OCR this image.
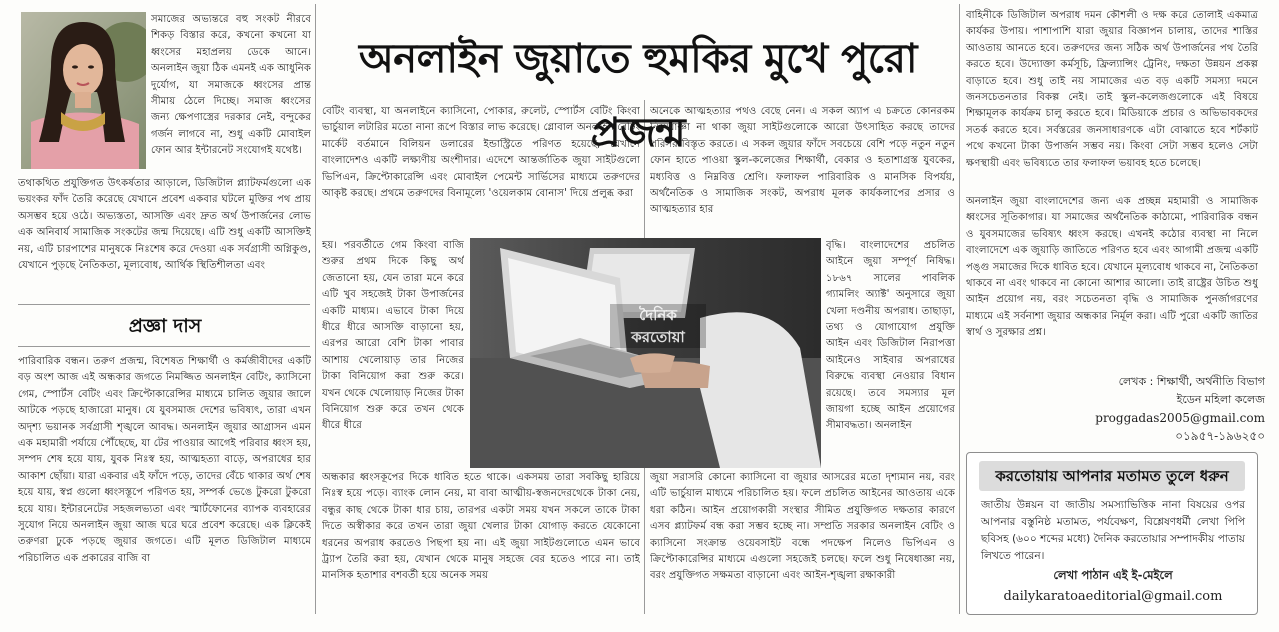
সমাজের অভ্যন্তরে বহু সংকট নীরবে শিকড় বিস্তার করে, কখনো কখনো যা ধ্বংসের মহাপ্রলয় ডেকে আনে। অনলাইন জুয়া ঠিক এমনই এক আধুনিক দুর্যোগ, যা সমাজকে ধ্বংসের প্রান্ত সীমায় ঠেলে দিচ্ছে। সমাজ ধ্বংসের জন্য ক্ষেপণাস্ত্রের দরকার নেই, বন্দুকের গর্জন লাগবে না, শুধু একটি মোবাইল ফোন আর ইন্টারনেট সংযোগই যথেষ্ট।
তথাকথিত প্রযুক্তিগত উৎকর্ষতার আড়ালে, ডিজিটাল প্ল্যাটফর্মগুলো এক ভয়ংকর ফাঁদ তৈরি করেছে যেখানে প্রবেশ একবার ঘটলে মুক্তির পথ প্রায় অসম্ভব হয়ে ওঠে। অভ্যস্ততা, আসক্তি এবং দ্রুত অর্থ উপার্জনের লোভ এক অনিবার্য সামাজিক সংকটের জন্ম দিয়েছে। এটি শুধু একটি আসক্তিই নয়, এটি চারপাশের মানুষকে নিঃশেষ করে দেওয়া এক সর্বগ্রাসী অগ্নিকুণ্ড, যেখানে পুড়ছে নৈতিকতা, মূল্যবোধ, আর্থিক স্থিতিশীলতা এবং
প্রজ্ঞা দাস
পারিবারিক বন্ধন। তরুণ প্রজন্ম, বিশেষত শিক্ষার্থী ও কর্মজীবীদের একটি বড় অংশ আজ এই অন্ধকার জগতে নিমজ্জিত অনলাইন বেটিং, ক্যাসিনো গেম, স্পোর্টস বেটিং এবং ক্রিপ্টোকারেন্সির মাধ্যমে চালিত জুয়ার জালে আটকে পড়ছে হাজারো মানুষ। যে যুবসমাজ দেশের ভবিষ্যৎ, তারা এখন অদৃশ্য ভয়ানক সর্বগ্রাসী শৃঙ্খলে আবদ্ধ। অনলাইন জুয়ার আগ্রাসন এমন এক মহামারী পর্যায়ে পৌঁছেছে, যা টের পাওয়ার আগেই পরিবার ধ্বংস হয়, সম্পদ শেষ হয়ে যায়, যুবক নিঃস্ব হয়, আত্মহত্যা বাড়ে, অপরাধের হার আকাশ ছোঁয়া। যারা একবার এই ফাঁদে পড়ে, তাদের বেঁচে থাকার অর্থ শেষ হয়ে যায়, স্বপ্ন গুলো ধ্বংসস্তূপে পরিণত হয়, সম্পর্ক ভেঙে টুকরো টুকরো হয়ে যায়। ইন্টারনেটের সহজলভ্যতা এবং স্মার্টফোনের ব্যাপক ব্যবহারের সুযোগ নিয়ে অনলাইন জুয়া আজ ঘরে ঘরে প্রবেশ করেছে। এক ক্লিকেই তরুণরা ঢুকে পড়ছে জুয়ার জগতে। এটি মূলত ডিজিটাল মাধ্যমে পরিচালিত এক প্রকারের বাজি বা
অনলাইন জুয়াতে হুমকির মুখে পুরো প্রজন্ম
বেটিং ব্যবস্থা, যা অনলাইনে ক্যাসিনো, পোকার, রুলেট, স্পোর্টস বেটিং কিংবা ভার্চুয়াল লটারির মতো নানা রূপে বিস্তার লাভ করেছে। গ্লোবাল অনলাইন বেটিং মার্কেট বর্তমানে বিলিয়ন ডলারের ইন্ডাস্ট্রিতে পরিণত হয়েছে, যেখানে বাংলাদেশও একটি লক্ষ্যণীয় অংশীদার। এদেশে আন্তর্জাতিক জুয়া সাইটগুলো ভিপিএন, ক্রিপ্টোকারেন্সি এবং মোবাইল পেমেন্ট সার্ভিসের মাধ্যমে তরুণদের আকৃষ্ট করছে। প্রথমে তরুণদের বিনামূল্যে 'ওয়েলকাম বোনাস' দিয়ে প্রলুব্ধ করা
হয়। পরবর্তীতে গেম কিংবা বাজি শুরুর প্রথম দিকে কিছু অর্থ জেতানো হয়, যেন তারা মনে করে এটি খুব সহজেই টাকা উপার্জনের একটি মাধ্যম। এভাবে টাকা দিয়ে ধীরে ধীরে আসক্তি বাড়ানো হয়, এরপর আরো বেশি টাকা পাবার আশায় খেলোয়াড় তার নিজের টাকা বিনিয়োগ করা শুরু করে। যখন থেকে খেলোয়াড় নিজের টাকা বিনিয়োগ শুরু করে তখন থেকে ধীরে ধীরে
অন্ধকার ধ্বংসকূপের দিকে ধাবিত হতে থাকে। একসময় তারা সবকিছু হারিয়ে নিঃস্ব হয়ে পড়ে। ব্যাংক লোন নেয়, মা বাবা আত্মীয়-স্বজনদেরথেকে টাকা নেয়, বন্ধুর কাছ থেকে টাকা ধার চায়, তারপর একটা সময় যখন সকলে তাকে টাকা দিতে অস্বীকার করে তখন তারা জুয়া খেলার টাকা যোগাড় করতে যেকোনো ধরনের অপরাধ করতেও পিছপা হয় না। এই জুয়া সাইটগুলোতে এমন ভাবে ট্র্যাপ তৈরি করা হয়, যেখান থেকে মানুষ সহজে বের হতেও পারে না। তাই মানসিক হতাশার বশবর্তী হয়ে অনেক সময়
অনেকে আত্মহত্যার পথও বেছে নেন। এ সকল অ্যাপ এ চক্রতে কোনরকম নিষেধাজ্ঞা না থাকা জুয়া সাইটগুলোকে আরো উৎসাহিত করছে তাদের পরিসর বিস্তৃত করতে। এ সকল জুয়ার ফাঁদে সবচেয়ে বেশি পড়ে নতুন নতুন ফোন হাতে পাওয়া স্কুল-কলেজের শিক্ষার্থী, বেকার ও হতাশাগ্রস্ত যুবকের, মধ্যবিত্ত ও নিম্নবিত্ত শ্রেণি। ফলাফল পারিবারিক ও মানসিক বিপর্যয়, অর্থনৈতিক ও সামাজিক সংকট, অপরাধ মূলক কার্যকলাপের প্রসার ও আত্মহত্যার হার
বৃদ্ধি। বাংলাদেশের প্রচলিত আইনে জুয়া সম্পূর্ণ নিষিদ্ধ। ১৮৬৭ সালের পাবলিক গ্যামলিং অ্যাক্ট' অনুসারে জুয়া খেলা দণ্ডনীয় অপরাধ। তাছাড়া, তথ্য ও যোগাযোগ প্রযুক্তি আইন এবং ডিজিটাল নিরাপত্তা আইনেও সাইবার অপরাধের বিরুদ্ধে ব্যবস্থা নেওয়ার বিধান রয়েছে। তবে সমস্যার মূল জায়গা হচ্ছে আইন প্রয়োগের সীমাবদ্ধতা। অনলাইন
জুয়া সরাসরি কোনো ক্যাসিনো বা জুয়ার আসরের মতো দৃশ্যমান নয়, বরং এটি ভার্চুয়াল মাধ্যমে পরিচালিত হয়। ফলে প্রচলিত আইনের আওতায় একে ধরা কঠিন। আইন প্রয়োগকারী সংস্থার সীমিত প্রযুক্তিগত দক্ষতার কারণে এসব প্ল্যাটফর্ম বন্ধ করা সম্ভব হচ্ছে না। সম্প্রতি সরকার অনলাইন বেটিং ও ক্যাসিনো সংক্রান্ত ওয়েবসাইট বন্ধে পদক্ষেপ নিলেও ভিপিএন ও ক্রিপ্টোকারেন্সির মাধ্যমে এগুলো সহজেই চলছে। ফলে শুধু নিষেধাজ্ঞা নয়, বরং প্রযুক্তিগত সক্ষমতা বাড়ানো এবং আইন-শৃঙ্খলা রক্ষাকারী
দৈনিক করতোয়া
বাহিনীকে ডিজিটাল অপরাধ দমন কৌশলী ও দক্ষ করে তোলাই একমাত্র কার্যকর উপায়। পাশাপাশি যারা জুয়ার বিজ্ঞাপন চালায়, তাদের শাস্তির আওতায় আনতে হবে। তরুণদের জন্য সঠিক অর্থ উপার্জনের পথ তৈরি করতে হবে। উদ্যোক্তা কর্মসূচি, ফ্রিল্যান্সিং ট্রেনিং, দক্ষতা উন্নয়ন প্রকল্প বাড়াতে হবে। শুধু তাই নয় সামাজের এত বড় একটি সমস্যা দমনে জনসচেতনতার বিকল্প নেই। তাই স্কুল-কলেজগুলোকে এই বিষয়ে শিক্ষামূলক কার্যক্রম চালু করতে হবে। মিডিয়াকে প্রচার ও অভিভাবকদের সতর্ক করতে হবে। সর্বস্তরের জনসাধারণকে এটা বোঝাতে হবে শর্টকাট পথে কখনো টাকা উপার্জন সম্ভব নয়। কিংবা সেটা সম্ভব হলেও সেটা ক্ষণস্থায়ী এবং ভবিষ্যতে তার ফলাফল ভয়াবহ হতে চলেছে।
অনলাইন জুয়া বাংলাদেশের জন্য এক প্রচ্ছন্ন মহামারী ও সামাজিক ধ্বংসের সূতিকাগার। যা সমাজের অর্থনৈতিক কাঠামো, পারিবারিক বন্ধন ও যুবসমাজের ভবিষ্যৎ ধ্বংস করছে। এখনই কঠোর ব্যবস্থা না নিলে বাংলাদেশে এক জুয়াড়ি জাতিতে পরিণত হবে এবং আগামী প্রজন্ম একটি পঙ্গু সমাজের দিকে ধাবিত হবে। যেখানে মূল্যবোধ থাকবে না, নৈতিকতা থাকবে না এবং থাকবে না কোনো আশার আলো। তাই রাষ্ট্রের উচিত শুধু আইন প্রয়োগ নয়, বরং সচেতনতা বৃদ্ধি ও সামাজিক পুনর্জাগরণের মাধ্যমে এই সর্বনাশা জুয়ার অন্ধকার নির্মূল করা। এটি পুরো একটি জাতির স্বার্থ ও সুরক্ষার প্রশ্ন।
লেখক : শিক্ষার্থী, অর্থনীতি বিভাগ
ইডেন মহিলা কলেজ
proggadas2005@gmail.com
০১৯৫৭-১৯৬২৫০
করতোয়ায় আপনার মতামত তুলে ধরুন
জাতীয় উন্নয়ন বা জাতীয় সমস্যাভিত্তিক নানা বিষয়ের ওপর আপনার বস্তুনিষ্ঠ মতামত, পর্যবেক্ষণ, বিশ্লেষণধর্মী লেখা পিপি ছবিসহ (৬০০ শব্দের মধ্যে) দৈনিক করতোয়ার সম্পাদকীয় পাতায় লিখতে পারেন।
লেখা পাঠান এই ই-মেইলে
dailykaratoaeditorial@gmail.com
